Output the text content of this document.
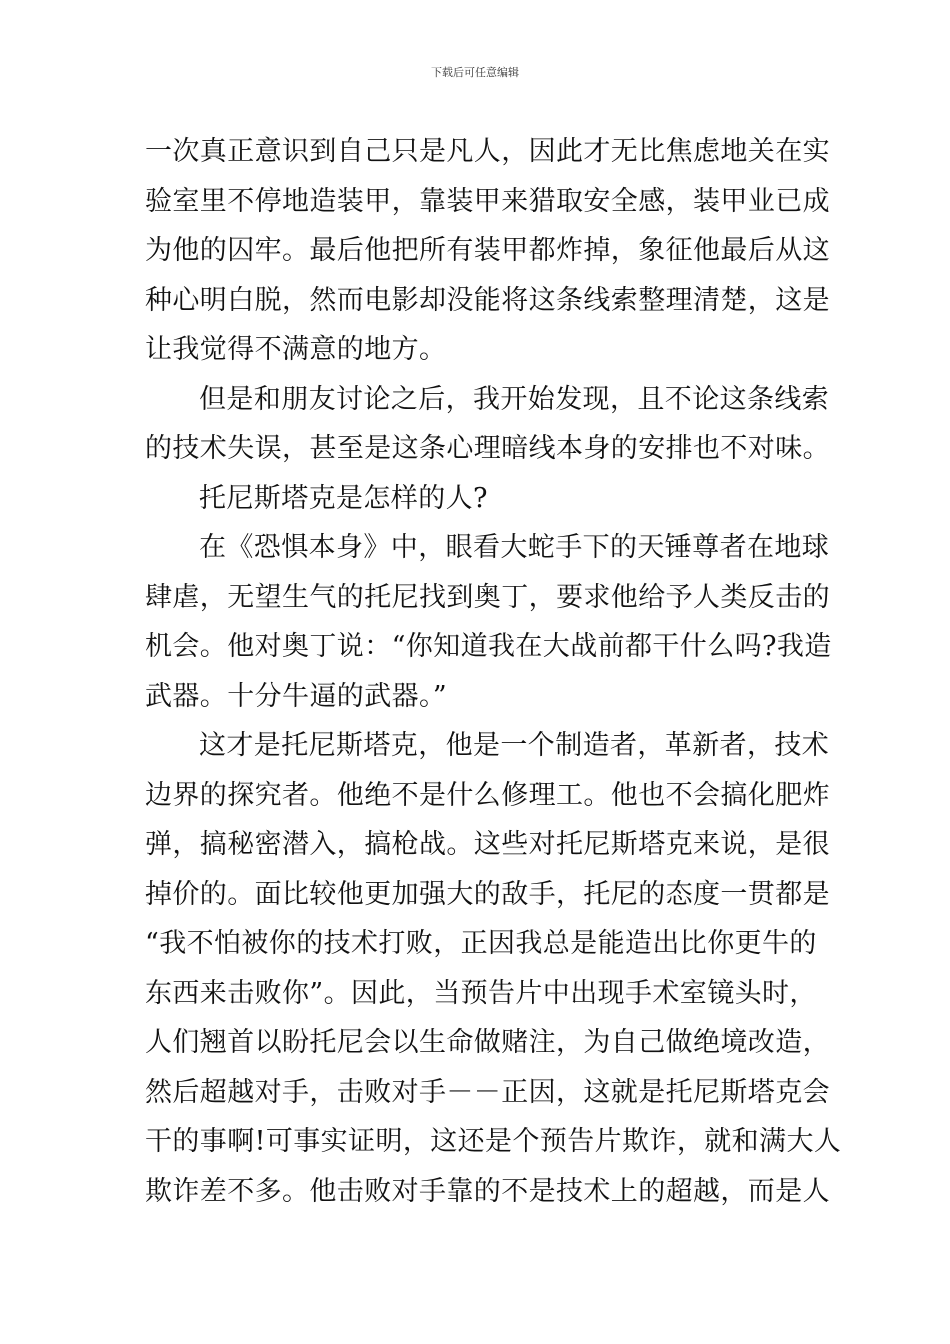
下载后可任意编辑
一次真正意识到自己只是凡人，因此才无比焦虑地关在实
验室里不停地造装甲，靠装甲来猎取安全感，装甲业已成
为他的囚牢。最后他把所有装甲都炸掉，象征他最后从这
种心明白脱，然而电影却没能将这条线索整理清楚，这是
让我觉得不满意的地方。
但是和朋友讨论之后，我开始发现，且不论这条线索
的技术失误，甚至是这条心理暗线本身的安排也不对味。
托尼斯塔克是怎样的人?
在《恐惧本身》中，眼看大蛇手下的天锤尊者在地球
肆虐，无望生气的托尼找到奥丁，要求他给予人类反击的
机会。他对奥丁说：“你知道我在大战前都干什么吗?我造
武器。十分牛逼的武器。”
这才是托尼斯塔克，他是一个制造者，革新者，技术
边界的探究者。他绝不是什么修理工。他也不会搞化肥炸
弹，搞秘密潜入，搞枪战。这些对托尼斯塔克来说，是很
掉价的。面比较他更加强大的敌手，托尼的态度一贯都是
“我不怕被你的技术打败，正因我总是能造出比你更牛的
东西来击败你”。因此，当预告片中出现手术室镜头时，
人们翘首以盼托尼会以生命做赌注，为自己做绝境改造，
然后超越对手，击败对手－－正因，这就是托尼斯塔克会
干的事啊!可事实证明，这还是个预告片欺诈，就和满大人
欺诈差不多。他击败对手靠的不是技术上的超越，而是人
